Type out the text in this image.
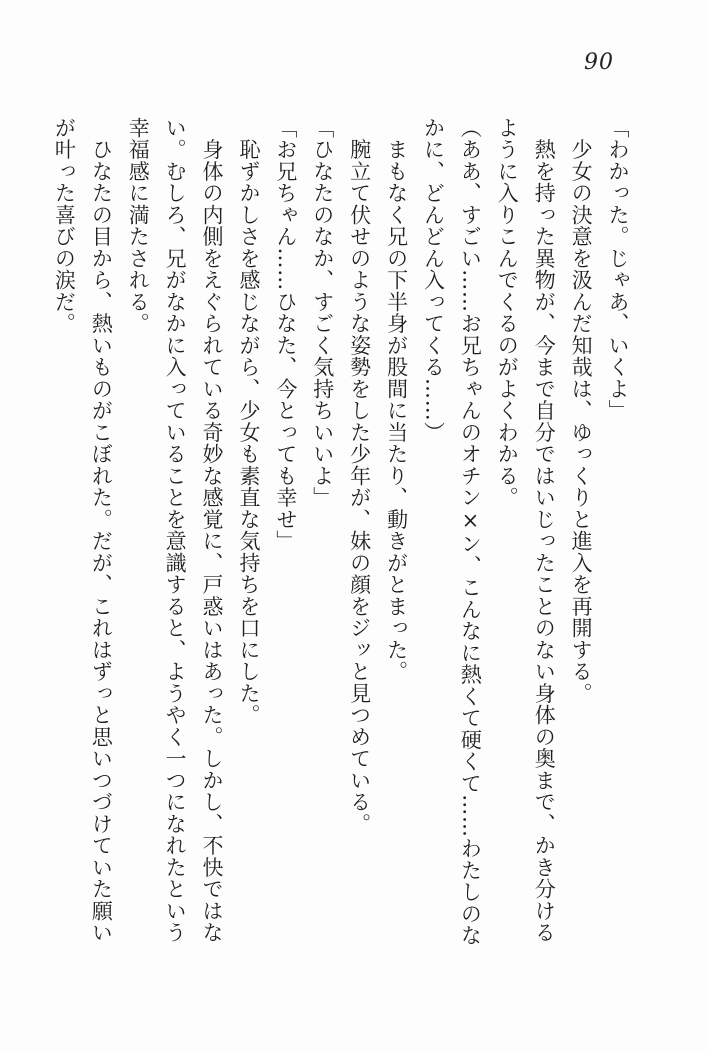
90
「わかった。じゃあ、いくよ」
　少女の決意を汲んだ知哉は、ゆっくりと進入を再開する。
　熱を持った異物が、今まで自分ではいじったことのない身体の奥まで、かき分ける
ように入りこんでくるのがよくわかる。
（ああ、すごい……お兄ちゃんのオチン×ン、こんなに熱くて硬くて……わたしのな
かに、どんどん入ってくる……）
　まもなく兄の下半身が股間に当たり、動きがとまった。
　腕立て伏せのような姿勢をした少年が、妹の顔をジッと見つめている。
「ひなたのなか、すごく気持ちいいよ」
「お兄ちゃん……ひなた、今とっても幸せ」
　恥ずかしさを感じながら、少女も素直な気持ちを口にした。
　身体の内側をえぐられている奇妙な感覚に、戸惑いはあった。しかし、不快ではな
い。むしろ、兄がなかに入っていることを意識すると、ようやく一つになれたという
幸福感に満たされる。
　ひなたの目から、熱いものがこぼれた。だが、これはずっと思いつづけていた願い
が叶った喜びの涙だ。
